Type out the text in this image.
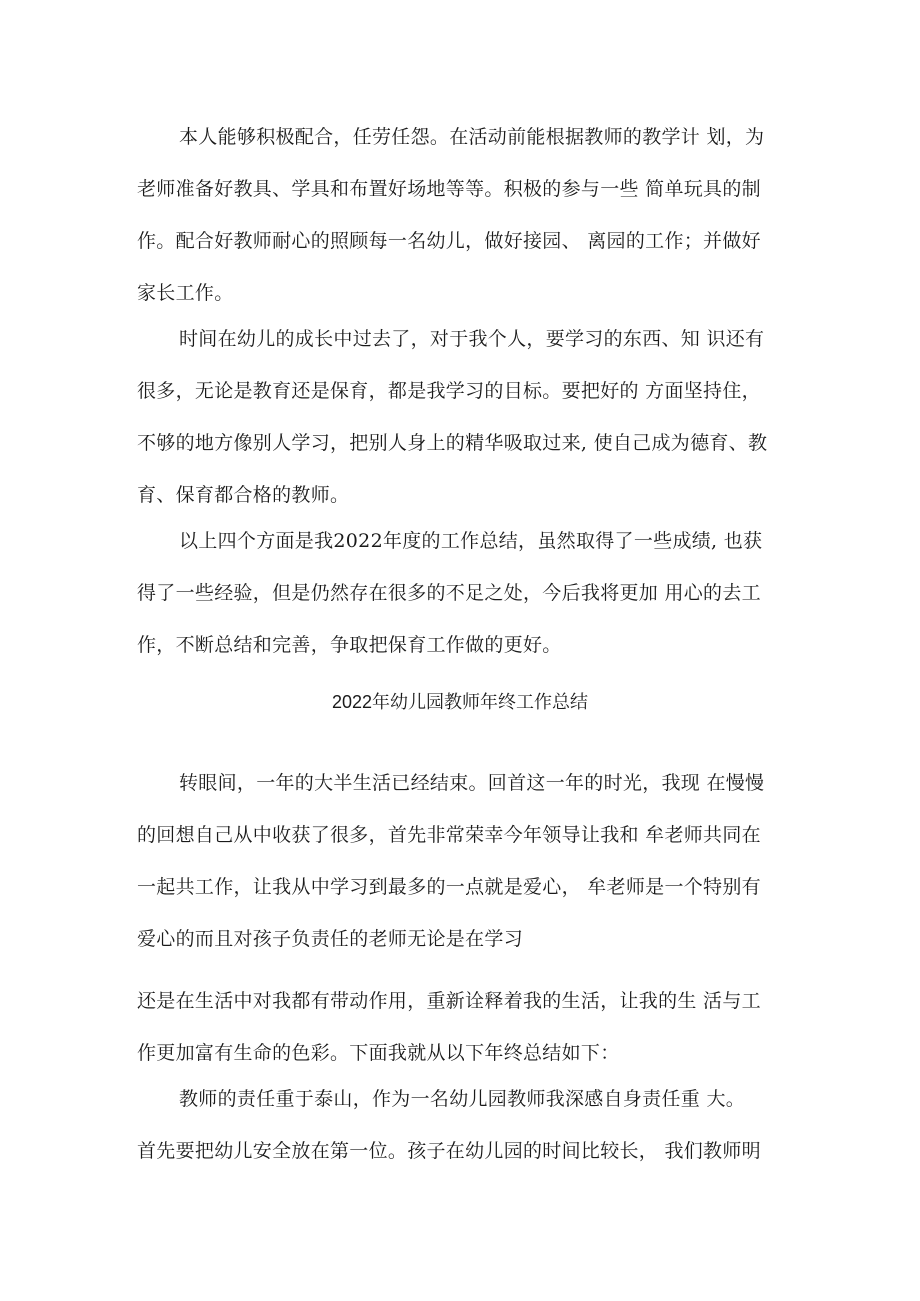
本人能够积极配合，任劳任怨。在活动前能根据教师的教学计 划，为
老师准备好教具、学具和布置好场地等等。积极的参与一些 简单玩具的制
作。配合好教师耐心的照顾每一名幼儿，做好接园、 离园的工作；并做好
家长工作。
时间在幼儿的成长中过去了，对于我个人，要学习的东西、知 识还有
很多，无论是教育还是保育，都是我学习的目标。要把好的 方面坚持住，
不够的地方像别人学习，把别人身上的精华吸取过来, 使自己成为德育、教
育、保育都合格的教师。
以上四个方面是我2022年度的工作总结，虽然取得了一些成绩, 也获
得了一些经验，但是仍然存在很多的不足之处，今后我将更加 用心的去工
作，不断总结和完善，争取把保育工作做的更好。
2022年幼儿园教师年终工作总结
转眼间，一年的大半生活已经结束。回首这一年的时光，我现 在慢慢
的回想自己从中收获了很多，首先非常荣幸今年领导让我和 牟老师共同在
一起共工作，让我从中学习到最多的一点就是爱心， 牟老师是一个特别有
爱心的而且对孩子负责任的老师无论是在学习
还是在生活中对我都有带动作用，重新诠释着我的生活，让我的生 活与工
作更加富有生命的色彩。下面我就从以下年终总结如下：
教师的责任重于泰山，作为一名幼儿园教师我深感自身责任重 大。
首先要把幼儿安全放在第一位。孩子在幼儿园的时间比较长， 我们教师明
